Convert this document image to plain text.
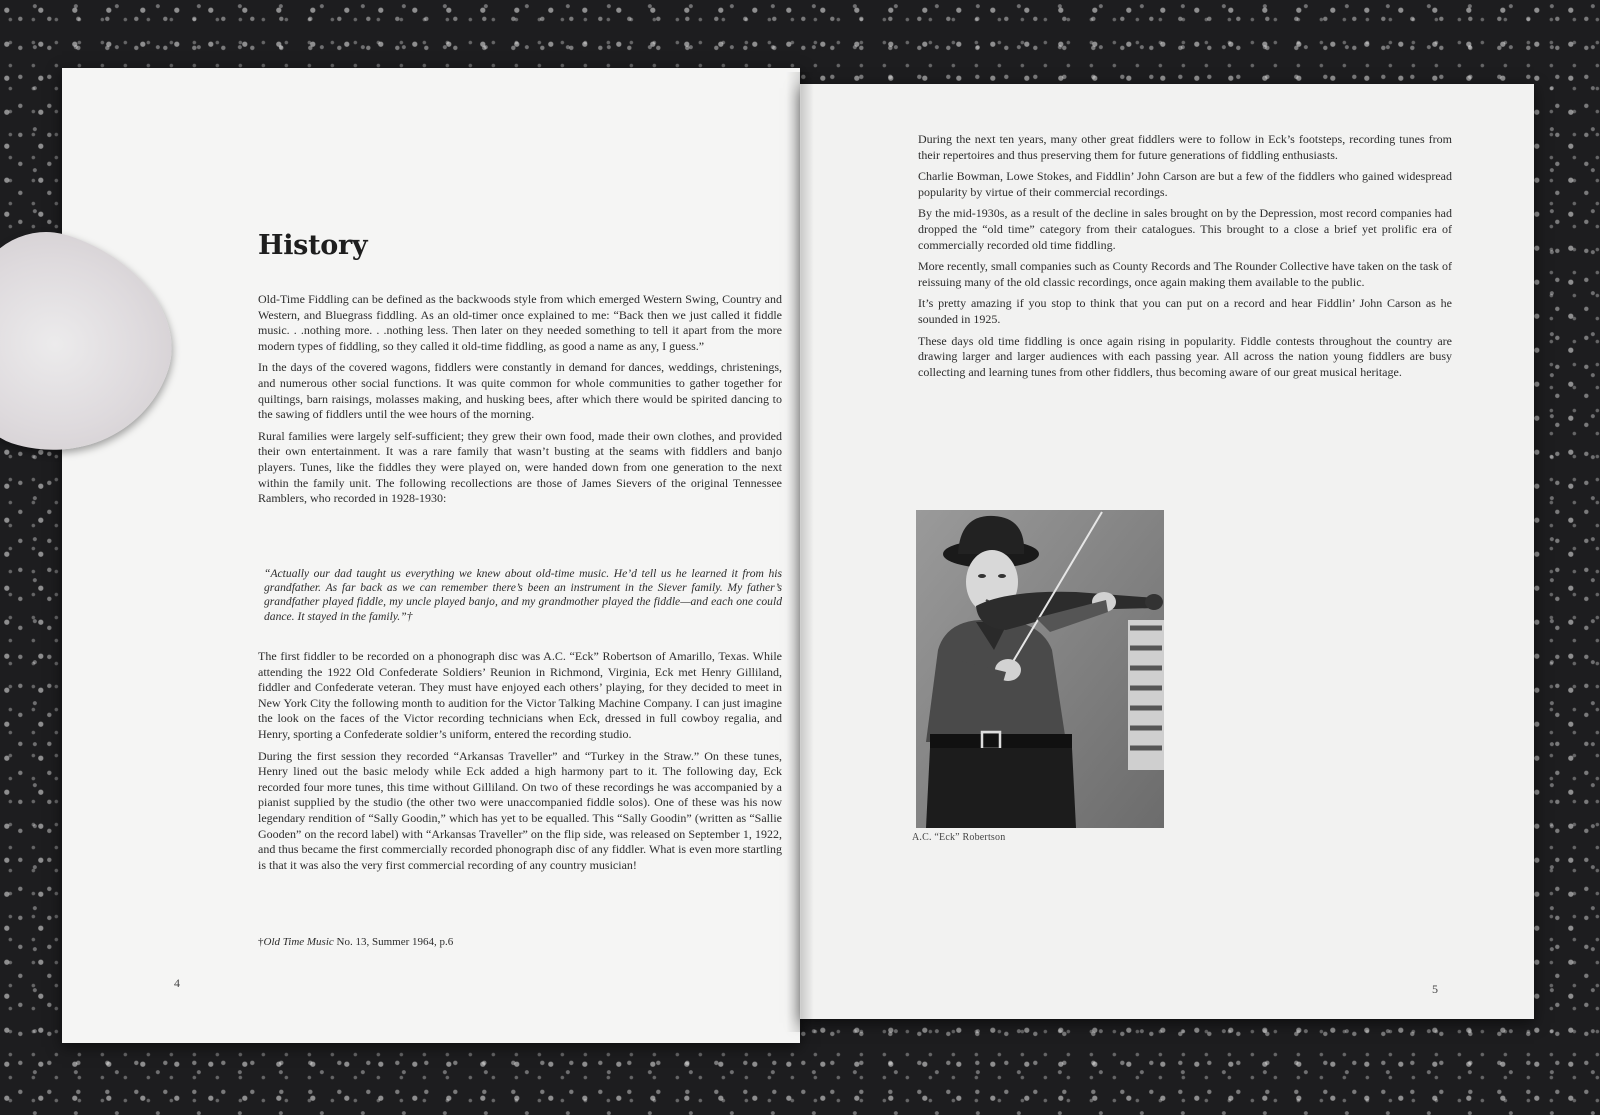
History

Old-Time Fiddling can be defined as the backwoods style from which emerged Western Swing, Country and Western, and Bluegrass fiddling. As an old-timer once explained to me: “Back then we just called it fiddle music. . .nothing more. . .nothing less. Then later on they needed something to tell it apart from the more modern types of fiddling, so they called it old-time fiddling, as good a name as any, I guess.”

In the days of the covered wagons, fiddlers were constantly in demand for dances, weddings, christenings, and numerous other social functions. It was quite common for whole communities to gather together for quiltings, barn raisings, molasses making, and husking bees, after which there would be spirited dancing to the sawing of fiddlers until the wee hours of the morning.

Rural families were largely self-sufficient; they grew their own food, made their own clothes, and provided their own entertainment. It was a rare family that wasn’t busting at the seams with fiddlers and banjo players. Tunes, like the fiddles they were played on, were handed down from one generation to the next within the family unit. The following recollections are those of James Sievers of the original Tennessee Ramblers, who recorded in 1928-1930:

“Actually our dad taught us everything we knew about old-time music. He’d tell us he learned it from his grandfather. As far back as we can remember there’s been an instrument in the Siever family. My father’s grandfather played fiddle, my uncle played banjo, and my grandmother played the fiddle—and each one could dance. It stayed in the family.”†

The first fiddler to be recorded on a phonograph disc was A.C. “Eck” Robertson of Amarillo, Texas. While attending the 1922 Old Confederate Soldiers’ Reunion in Richmond, Virginia, Eck met Henry Gilliland, fiddler and Confederate veteran. They must have enjoyed each others’ playing, for they decided to meet in New York City the following month to audition for the Victor Talking Machine Company. I can just imagine the look on the faces of the Victor recording technicians when Eck, dressed in full cowboy regalia, and Henry, sporting a Confederate soldier’s uniform, entered the recording studio.

During the first session they recorded “Arkansas Traveller” and “Turkey in the Straw.” On these tunes, Henry lined out the basic melody while Eck added a high harmony part to it. The following day, Eck recorded four more tunes, this time without Gilliland. On two of these recordings he was accompanied by a pianist supplied by the studio (the other two were unaccompanied fiddle solos). One of these was his now legendary rendition of “Sally Goodin,” which has yet to be equalled. This “Sally Goodin” (written as “Sallie Gooden” on the record label) with “Arkansas Traveller” on the flip side, was released on September 1, 1922, and thus became the first commercially recorded phonograph disc of any fiddler. What is even more startling is that it was also the very first commercial recording of any country musician!

†Old Time Music No. 13, Summer 1964, p.6
4

During the next ten years, many other great fiddlers were to follow in Eck’s footsteps, recording tunes from their repertoires and thus preserving them for future generations of fiddling enthusiasts.

Charlie Bowman, Lowe Stokes, and Fiddlin’ John Carson are but a few of the fiddlers who gained widespread popularity by virtue of their commercial recordings.

By the mid-1930s, as a result of the decline in sales brought on by the Depression, most record companies had dropped the “old time” category from their catalogues. This brought to a close a brief yet prolific era of commercially recorded old time fiddling.

More recently, small companies such as County Records and The Rounder Collective have taken on the task of reissuing many of the old classic recordings, once again making them available to the public.

It’s pretty amazing if you stop to think that you can put on a record and hear Fiddlin’ John Carson as he sounded in 1925.

These days old time fiddling is once again rising in popularity. Fiddle contests throughout the country are drawing larger and larger audiences with each passing year. All across the nation young fiddlers are busy collecting and learning tunes from other fiddlers, thus becoming aware of our great musical heritage.

A.C. “Eck” Robertson
5
